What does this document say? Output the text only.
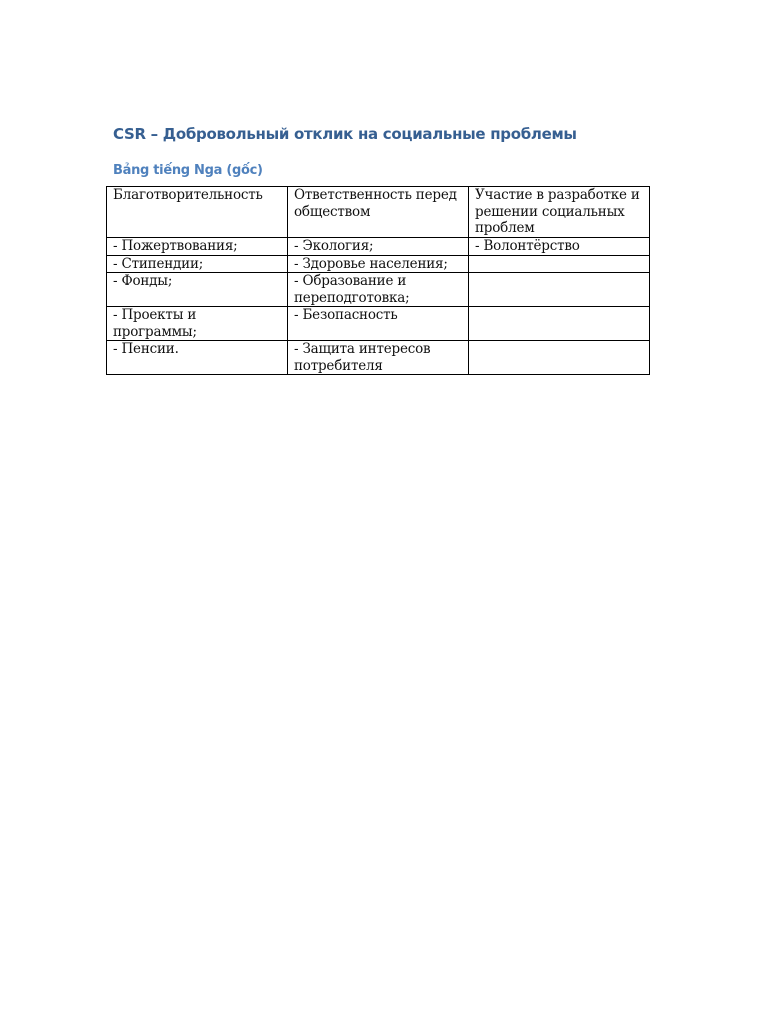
CSR – Добровольный отклик на социальные проблемы
Bảng tiếng Nga (gốc)
Благотворительность	Ответственность перед обществом	Участие в разработке и решении социальных проблем

- Пожертвования;	- Экология;	- Волонтёрство

- Стипендии;	- Здоровье населения;	

- Фонды;	- Образование и переподготовка;	

- Проекты и программы;	- Безопасность	

- Пенсии.	- Защита интересов потребителя	
